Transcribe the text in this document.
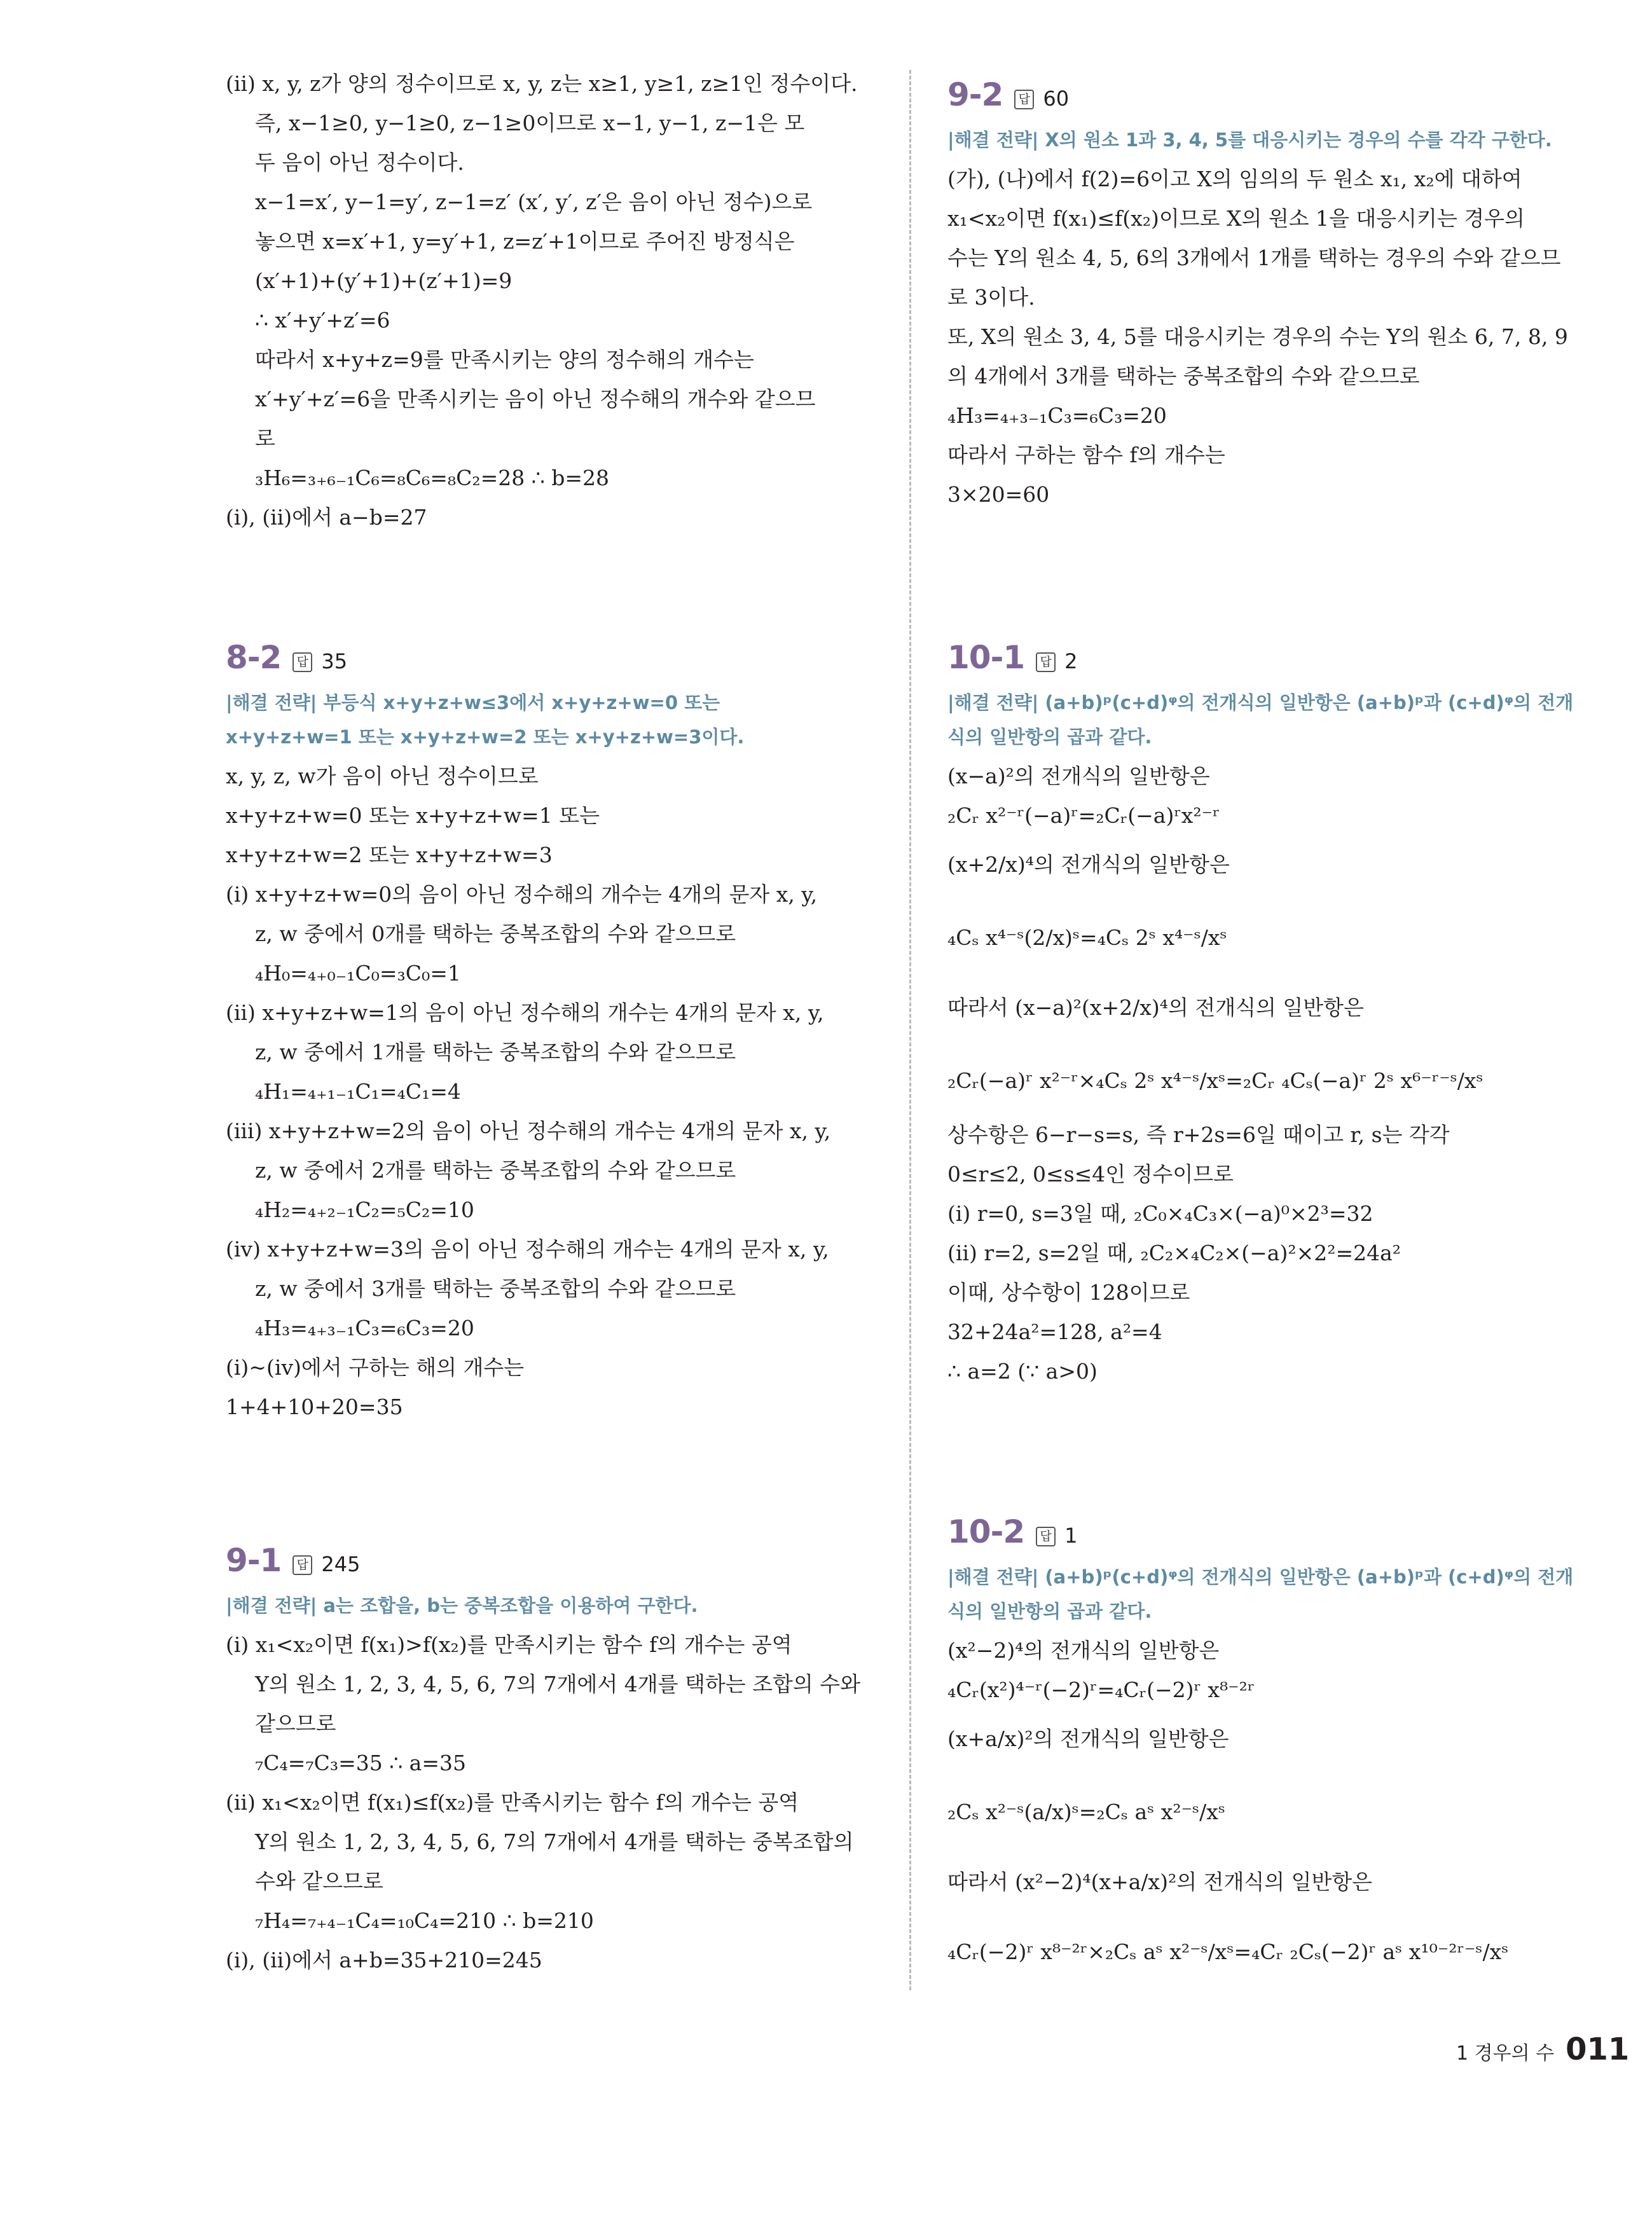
(ⅱ) x, y, z가 양의 정수이므로 x, y, z는 x≥1, y≥1, z≥1인 정수이다.
즉, x−1≥0, y−1≥0, z−1≥0이므로 x−1, y−1, z−1은 모
두 음이 아닌 정수이다.
x−1=x′, y−1=y′, z−1=z′ (x′, y′, z′은 음이 아닌 정수)으로
놓으면 x=x′+1, y=y′+1, z=z′+1이므로 주어진 방정식은
(x′+1)+(y′+1)+(z′+1)=9
∴ x′+y′+z′=6
따라서 x+y+z=9를 만족시키는 양의 정수해의 개수는
x′+y′+z′=6을 만족시키는 음이 아닌 정수해의 개수와 같으므
로
₃H₆=₃₊₆₋₁C₆=₈C₆=₈C₂=28 ∴ b=28
(ⅰ), (ⅱ)에서 a−b=27
8-2	답 35
|해결 전략| 부등식 x+y+z+w≤3에서 x+y+z+w=0 또는
x+y+z+w=1 또는 x+y+z+w=2 또는 x+y+z+w=3이다.
x, y, z, w가 음이 아닌 정수이므로
x+y+z+w=0 또는 x+y+z+w=1 또는
x+y+z+w=2 또는 x+y+z+w=3
(ⅰ) x+y+z+w=0의 음이 아닌 정수해의 개수는 4개의 문자 x, y,
z, w 중에서 0개를 택하는 중복조합의 수와 같으므로
₄H₀=₄₊₀₋₁C₀=₃C₀=1
(ⅱ) x+y+z+w=1의 음이 아닌 정수해의 개수는 4개의 문자 x, y,
z, w 중에서 1개를 택하는 중복조합의 수와 같으므로
₄H₁=₄₊₁₋₁C₁=₄C₁=4
(ⅲ) x+y+z+w=2의 음이 아닌 정수해의 개수는 4개의 문자 x, y,
z, w 중에서 2개를 택하는 중복조합의 수와 같으므로
₄H₂=₄₊₂₋₁C₂=₅C₂=10
(ⅳ) x+y+z+w=3의 음이 아닌 정수해의 개수는 4개의 문자 x, y,
z, w 중에서 3개를 택하는 중복조합의 수와 같으므로
₄H₃=₄₊₃₋₁C₃=₆C₃=20
(ⅰ)~(ⅳ)에서 구하는 해의 개수는
1+4+10+20=35
9-1	답 245
|해결 전략| a는 조합을, b는 중복조합을 이용하여 구한다.
(ⅰ) x₁<x₂이면 f(x₁)>f(x₂)를 만족시키는 함수 f의 개수는 공역
Y의 원소 1, 2, 3, 4, 5, 6, 7의 7개에서 4개를 택하는 조합의 수와
같으므로
₇C₄=₇C₃=35 ∴ a=35
(ⅱ) x₁<x₂이면 f(x₁)≤f(x₂)를 만족시키는 함수 f의 개수는 공역
Y의 원소 1, 2, 3, 4, 5, 6, 7의 7개에서 4개를 택하는 중복조합의
수와 같으므로
₇H₄=₇₊₄₋₁C₄=₁₀C₄=210 ∴ b=210
(ⅰ), (ⅱ)에서 a+b=35+210=245
9-2	답 60
|해결 전략| X의 원소 1과 3, 4, 5를 대응시키는 경우의 수를 각각 구한다.
(가), (나)에서 f(2)=6이고 X의 임의의 두 원소 x₁, x₂에 대하여
x₁<x₂이면 f(x₁)≤f(x₂)이므로 X의 원소 1을 대응시키는 경우의
수는 Y의 원소 4, 5, 6의 3개에서 1개를 택하는 경우의 수와 같으므
로 3이다.
또, X의 원소 3, 4, 5를 대응시키는 경우의 수는 Y의 원소 6, 7, 8, 9
의 4개에서 3개를 택하는 중복조합의 수와 같으므로
₄H₃=₄₊₃₋₁C₃=₆C₃=20
따라서 구하는 함수 f의 개수는
3×20=60
10-1	답 2
|해결 전략| (a+b)ᵖ(c+d)ᵠ의 전개식의 일반항은 (a+b)ᵖ과 (c+d)ᵠ의 전개
식의 일반항의 곱과 같다.
(x−a)²의 전개식의 일반항은
₂Cᵣ x²⁻ʳ(−a)ʳ=₂Cᵣ(−a)ʳx²⁻ʳ
(x+2/x)⁴의 전개식의 일반항은
₄Cₛ x⁴⁻ˢ(2/x)ˢ=₄Cₛ 2ˢ x⁴⁻ˢ/xˢ
따라서 (x−a)²(x+2/x)⁴의 전개식의 일반항은
₂Cᵣ(−a)ʳ x²⁻ʳ×₄Cₛ 2ˢ x⁴⁻ˢ/xˢ=₂Cᵣ ₄Cₛ(−a)ʳ 2ˢ x⁶⁻ʳ⁻ˢ/xˢ
상수항은 6−r−s=s, 즉 r+2s=6일 때이고 r, s는 각각
0≤r≤2, 0≤s≤4인 정수이므로
(ⅰ) r=0, s=3일 때, ₂C₀×₄C₃×(−a)⁰×2³=32
(ⅱ) r=2, s=2일 때, ₂C₂×₄C₂×(−a)²×2²=24a²
이때, 상수항이 128이므로
32+24a²=128, a²=4
∴ a=2 (∵ a>0)
10-2	답 1
|해결 전략| (a+b)ᵖ(c+d)ᵠ의 전개식의 일반항은 (a+b)ᵖ과 (c+d)ᵠ의 전개
식의 일반항의 곱과 같다.
(x²−2)⁴의 전개식의 일반항은
₄Cᵣ(x²)⁴⁻ʳ(−2)ʳ=₄Cᵣ(−2)ʳ x⁸⁻²ʳ
(x+a/x)²의 전개식의 일반항은
₂Cₛ x²⁻ˢ(a/x)ˢ=₂Cₛ aˢ x²⁻ˢ/xˢ
따라서 (x²−2)⁴(x+a/x)²의 전개식의 일반항은
₄Cᵣ(−2)ʳ x⁸⁻²ʳ×₂Cₛ aˢ x²⁻ˢ/xˢ=₄Cᵣ ₂Cₛ(−2)ʳ aˢ x¹⁰⁻²ʳ⁻ˢ/xˢ
1 경우의 수 011
